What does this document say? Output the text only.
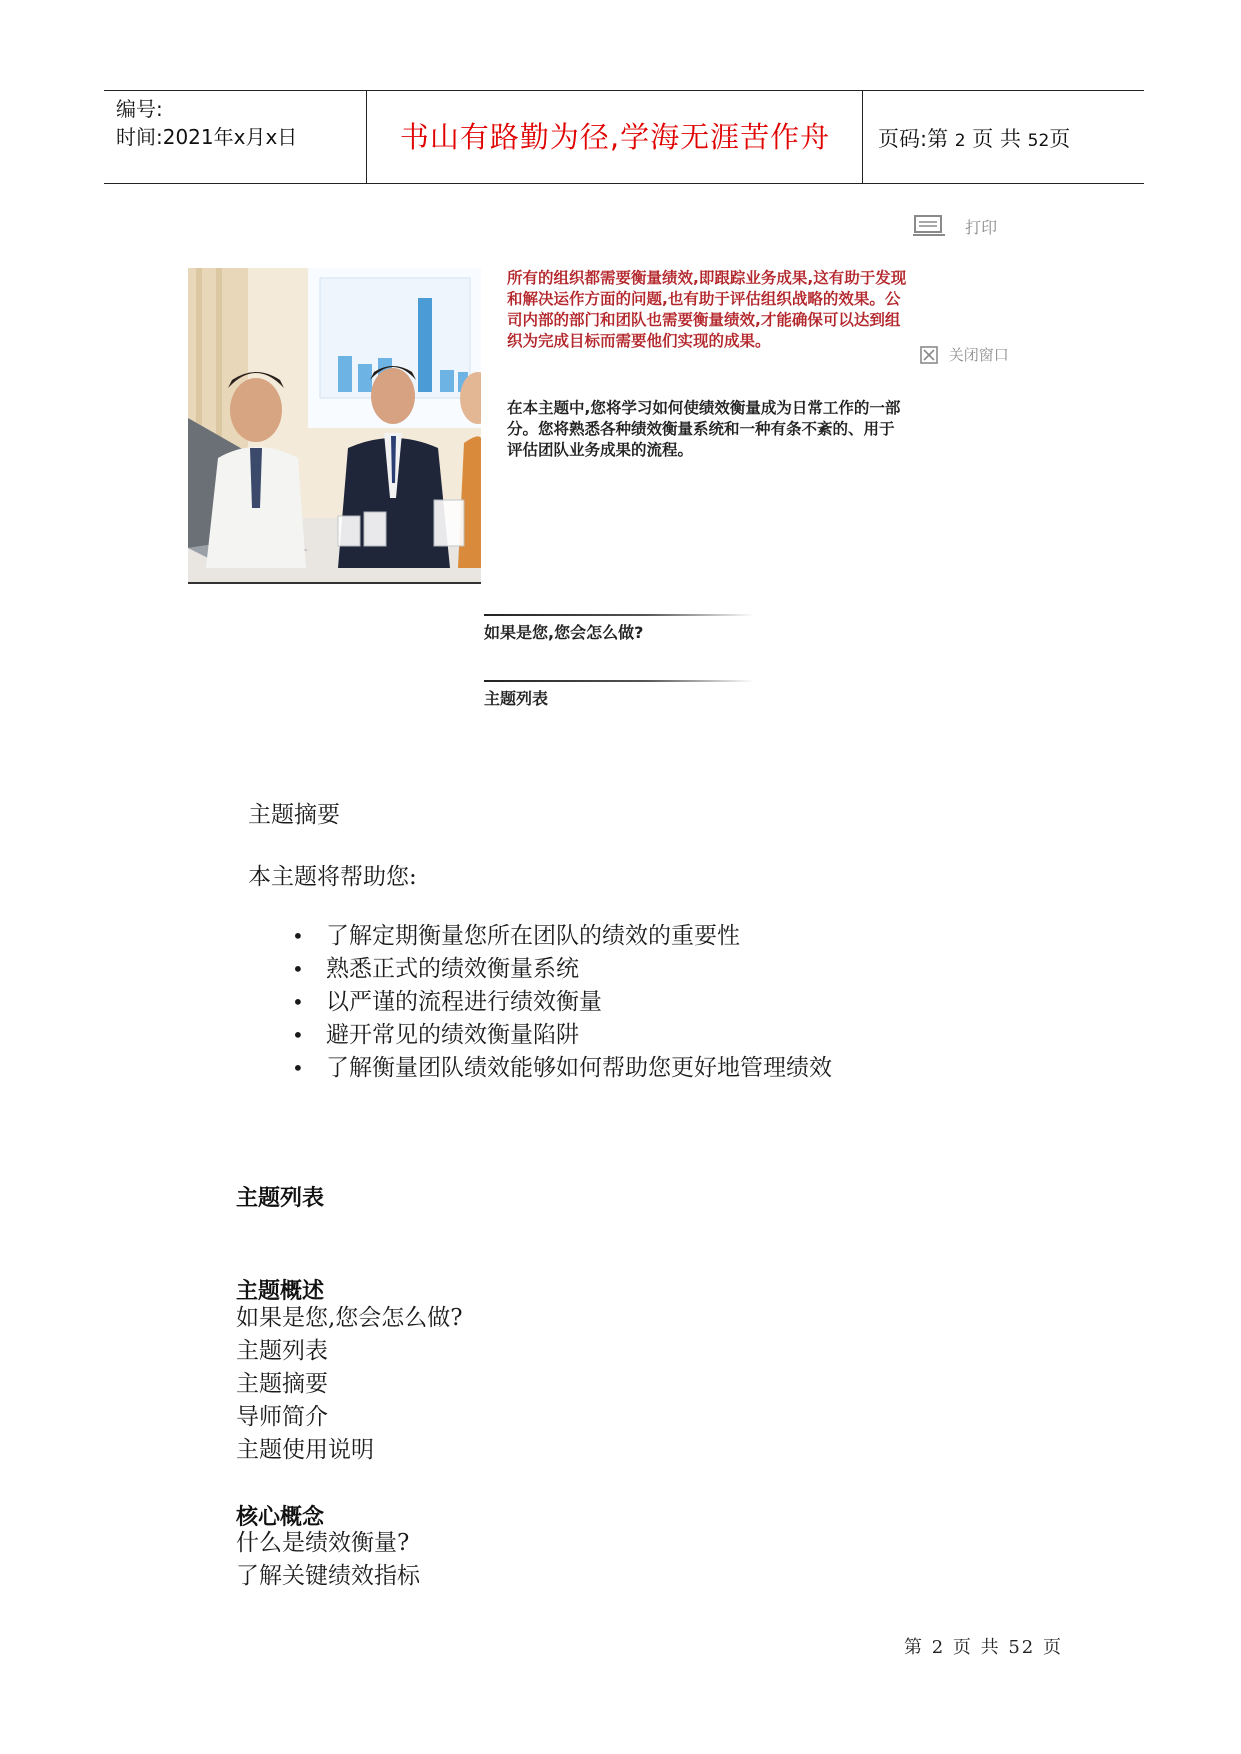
编号:
时间:2021年x月x日	书山有路勤为径,学海无涯苦作舟	页码:第 2 页 共 52页
打印
关闭窗口
所有的组织都需要衡量绩效,即跟踪业务成果,这有助于发现和解决运作方面的问题,也有助于评估组织战略的效果。公司内部的部门和团队也需要衡量绩效,才能确保可以达到组织为完成目标而需要他们实现的成果。
在本主题中,您将学习如何使绩效衡量成为日常工作的一部分。您将熟悉各种绩效衡量系统和一种有条不紊的、用于评估团队业务成果的流程。
如果是您,您会怎么做?
主题列表
主题摘要
本主题将帮助您:
• 了解定期衡量您所在团队的绩效的重要性
• 熟悉正式的绩效衡量系统
• 以严谨的流程进行绩效衡量
• 避开常见的绩效衡量陷阱
• 了解衡量团队绩效能够如何帮助您更好地管理绩效
主题列表
主题概述
如果是您,您会怎么做?
主题列表
主题摘要
导师简介
主题使用说明
核心概念
什么是绩效衡量?
了解关键绩效指标
第 2 页 共 52 页
